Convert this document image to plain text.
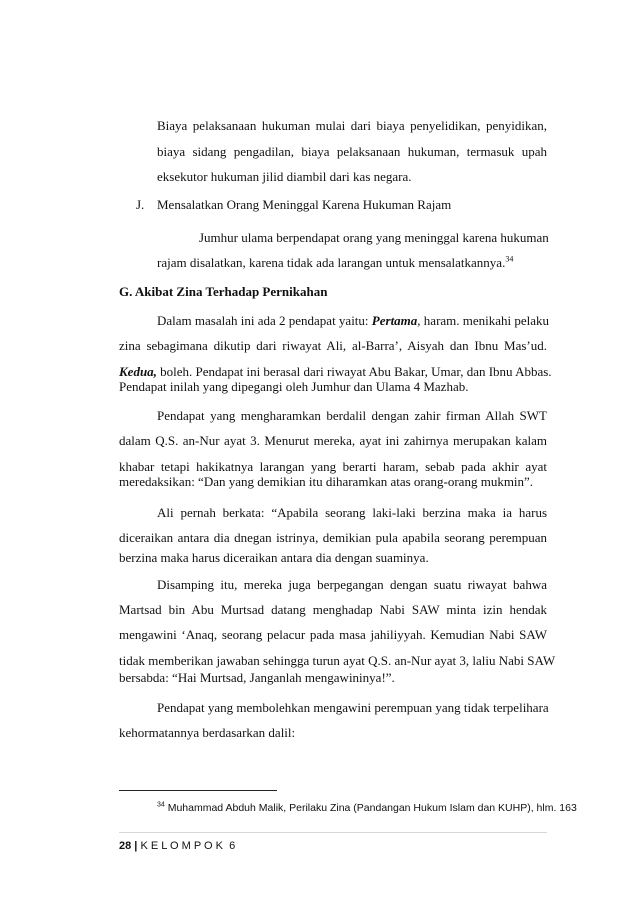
Biaya pelaksanaan hukuman mulai dari biaya penyelidikan, penyidikan,
biaya sidang pengadilan, biaya pelaksanaan hukuman, termasuk upah
eksekutor hukuman jilid diambil dari kas negara.
J. Mensalatkan Orang Meninggal Karena Hukuman Rajam
Jumhur ulama berpendapat orang yang meninggal karena hukuman
rajam disalatkan, karena tidak ada larangan untuk mensalatkannya.$^{34}$
G. Akibat Zina Terhadap Pernikahan
Dalam masalah ini ada 2 pendapat yaitu: Pertama, haram. menikahi pelaku
zina sebagimana dikutip dari riwayat Ali, al-Barra’, Aisyah dan Ibnu Mas’ud.
Kedua, boleh. Pendapat ini berasal dari riwayat Abu Bakar, Umar, dan Ibnu Abbas.
Pendapat inilah yang dipegangi oleh Jumhur dan Ulama 4 Mazhab.
Pendapat yang mengharamkan berdalil dengan zahir firman Allah SWT
dalam Q.S. an-Nur ayat 3. Menurut mereka, ayat ini zahirnya merupakan kalam
khabar tetapi hakikatnya larangan yang berarti haram, sebab pada akhir ayat
meredaksikan: “Dan yang demikian itu diharamkan atas orang-orang mukmin”.
Ali pernah berkata: “Apabila seorang laki-laki berzina maka ia harus
diceraikan antara dia dnegan istrinya, demikian pula apabila seorang perempuan
berzina maka harus diceraikan antara dia dengan suaminya.
Disamping itu, mereka juga berpegangan dengan suatu riwayat bahwa
Martsad bin Abu Murtsad datang menghadap Nabi SAW minta izin hendak
mengawini ‘Anaq, seorang pelacur pada masa jahiliyyah. Kemudian Nabi SAW
tidak memberikan jawaban sehingga turun ayat Q.S. an-Nur ayat 3, laliu Nabi SAW
bersabda: “Hai Murtsad, Janganlah mengawininya!”.
Pendapat yang membolehkan mengawini perempuan yang tidak terpelihara
kehormatannya berdasarkan dalil:
$^{34}$ Muhammad Abduh Malik, Perilaku Zina (Pandangan Hukum Islam dan KUHP), hlm. 163
28 | K E L O M P O K  6
